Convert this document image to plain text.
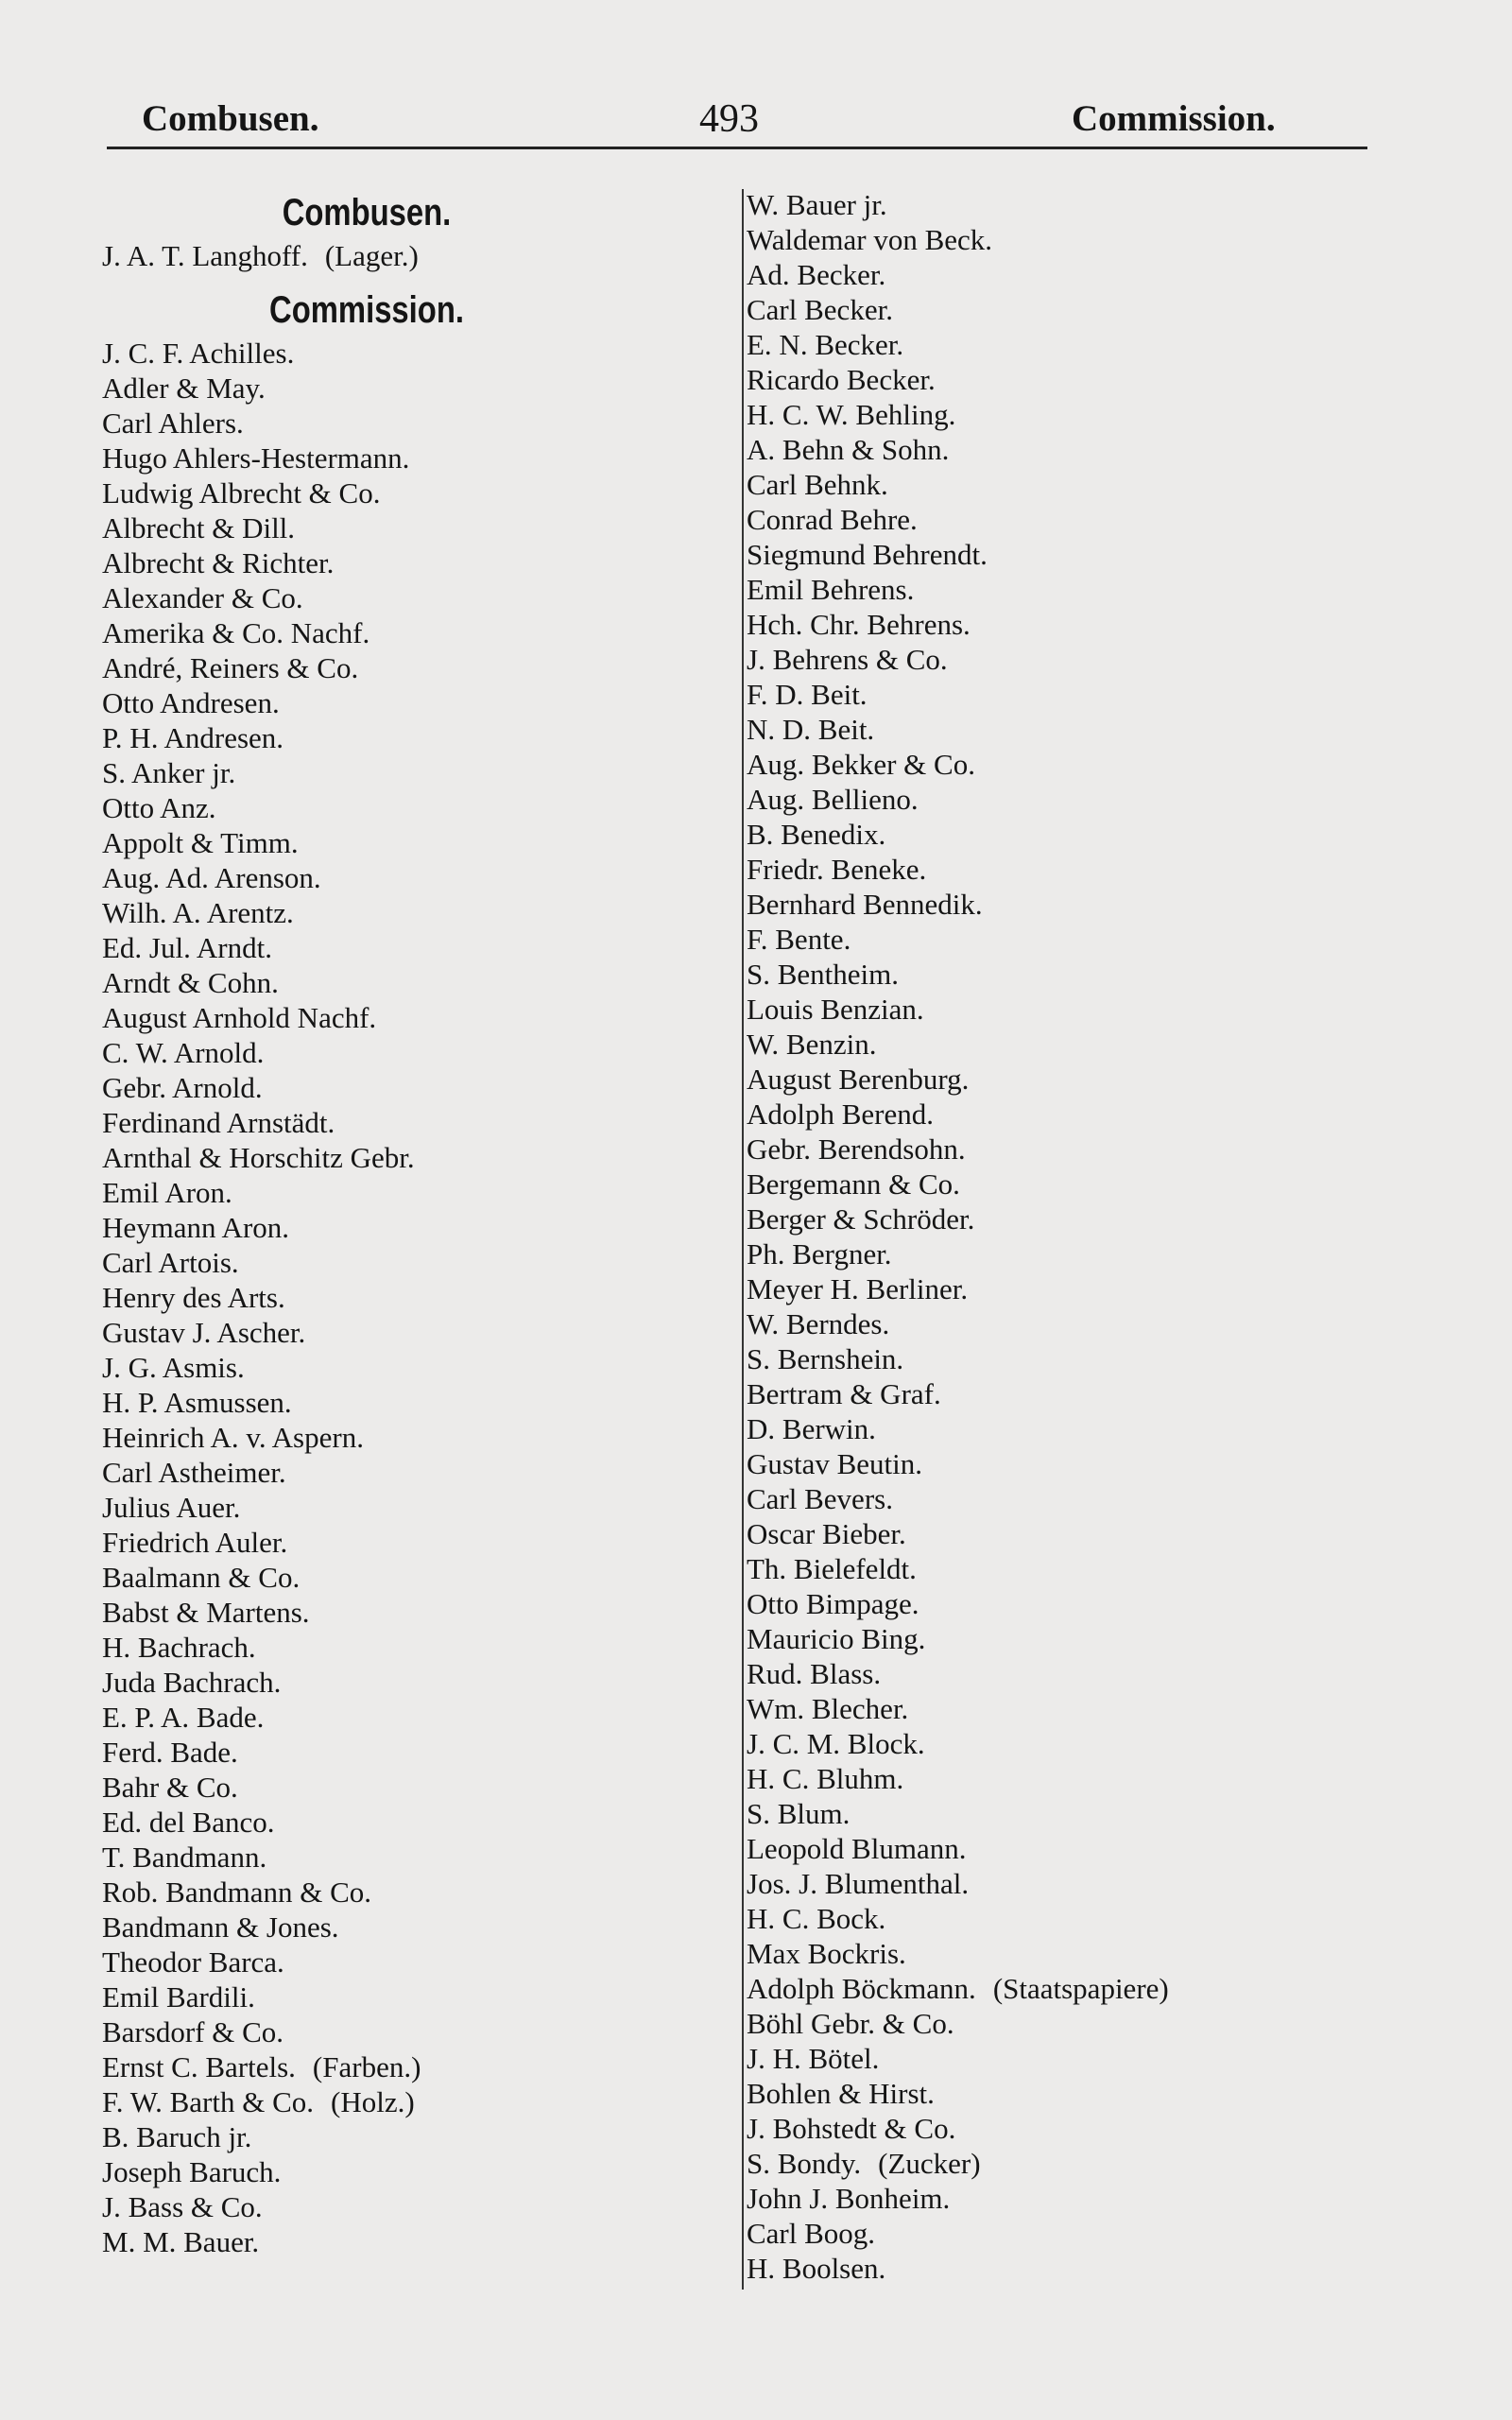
Combusen.	493	Commission.
Combusen.
J. A. T. Langhoff. (Lager.)
Commission.
J. C. F. Achilles.
Adler & May.
Carl Ahlers.
Hugo Ahlers-Hestermann.
Ludwig Albrecht & Co.
Albrecht & Dill.
Albrecht & Richter.
Alexander & Co.
Amerika & Co. Nachf.
André, Reiners & Co.
Otto Andresen.
P. H. Andresen.
S. Anker jr.
Otto Anz.
Appolt & Timm.
Aug. Ad. Arenson.
Wilh. A. Arentz.
Ed. Jul. Arndt.
Arndt & Cohn.
August Arnhold Nachf.
C. W. Arnold.
Gebr. Arnold.
Ferdinand Arnstädt.
Arnthal & Horschitz Gebr.
Emil Aron.
Heymann Aron.
Carl Artois.
Henry des Arts.
Gustav J. Ascher.
J. G. Asmis.
H. P. Asmussen.
Heinrich A. v. Aspern.
Carl Astheimer.
Julius Auer.
Friedrich Auler.
Baalmann & Co.
Babst & Martens.
H. Bachrach.
Juda Bachrach.
E. P. A. Bade.
Ferd. Bade.
Bahr & Co.
Ed. del Banco.
T. Bandmann.
Rob. Bandmann & Co.
Bandmann & Jones.
Theodor Barca.
Emil Bardili.
Barsdorf & Co.
Ernst C. Bartels. (Farben.)
F. W. Barth & Co. (Holz.)
B. Baruch jr.
Joseph Baruch.
J. Bass & Co.
M. M. Bauer.
W. Bauer jr.
Waldemar von Beck.
Ad. Becker.
Carl Becker.
E. N. Becker.
Ricardo Becker.
H. C. W. Behling.
A. Behn & Sohn.
Carl Behnk.
Conrad Behre.
Siegmund Behrendt.
Emil Behrens.
Hch. Chr. Behrens.
J. Behrens & Co.
F. D. Beit.
N. D. Beit.
Aug. Bekker & Co.
Aug. Bellieno.
B. Benedix.
Friedr. Beneke.
Bernhard Bennedik.
F. Bente.
S. Bentheim.
Louis Benzian.
W. Benzin.
August Berenburg.
Adolph Berend.
Gebr. Berendsohn.
Bergemann & Co.
Berger & Schröder.
Ph. Bergner.
Meyer H. Berliner.
W. Berndes.
S. Bernshein.
Bertram & Graf.
D. Berwin.
Gustav Beutin.
Carl Bevers.
Oscar Bieber.
Th. Bielefeldt.
Otto Bimpage.
Mauricio Bing.
Rud. Blass.
Wm. Blecher.
J. C. M. Block.
H. C. Bluhm.
S. Blum.
Leopold Blumann.
Jos. J. Blumenthal.
H. C. Bock.
Max Bockris.
Adolph Böckmann. (Staatspapiere)
Böhl Gebr. & Co.
J. H. Bötel.
Bohlen & Hirst.
J. Bohstedt & Co.
S. Bondy. (Zucker)
John J. Bonheim.
Carl Boog.
H. Boolsen.
